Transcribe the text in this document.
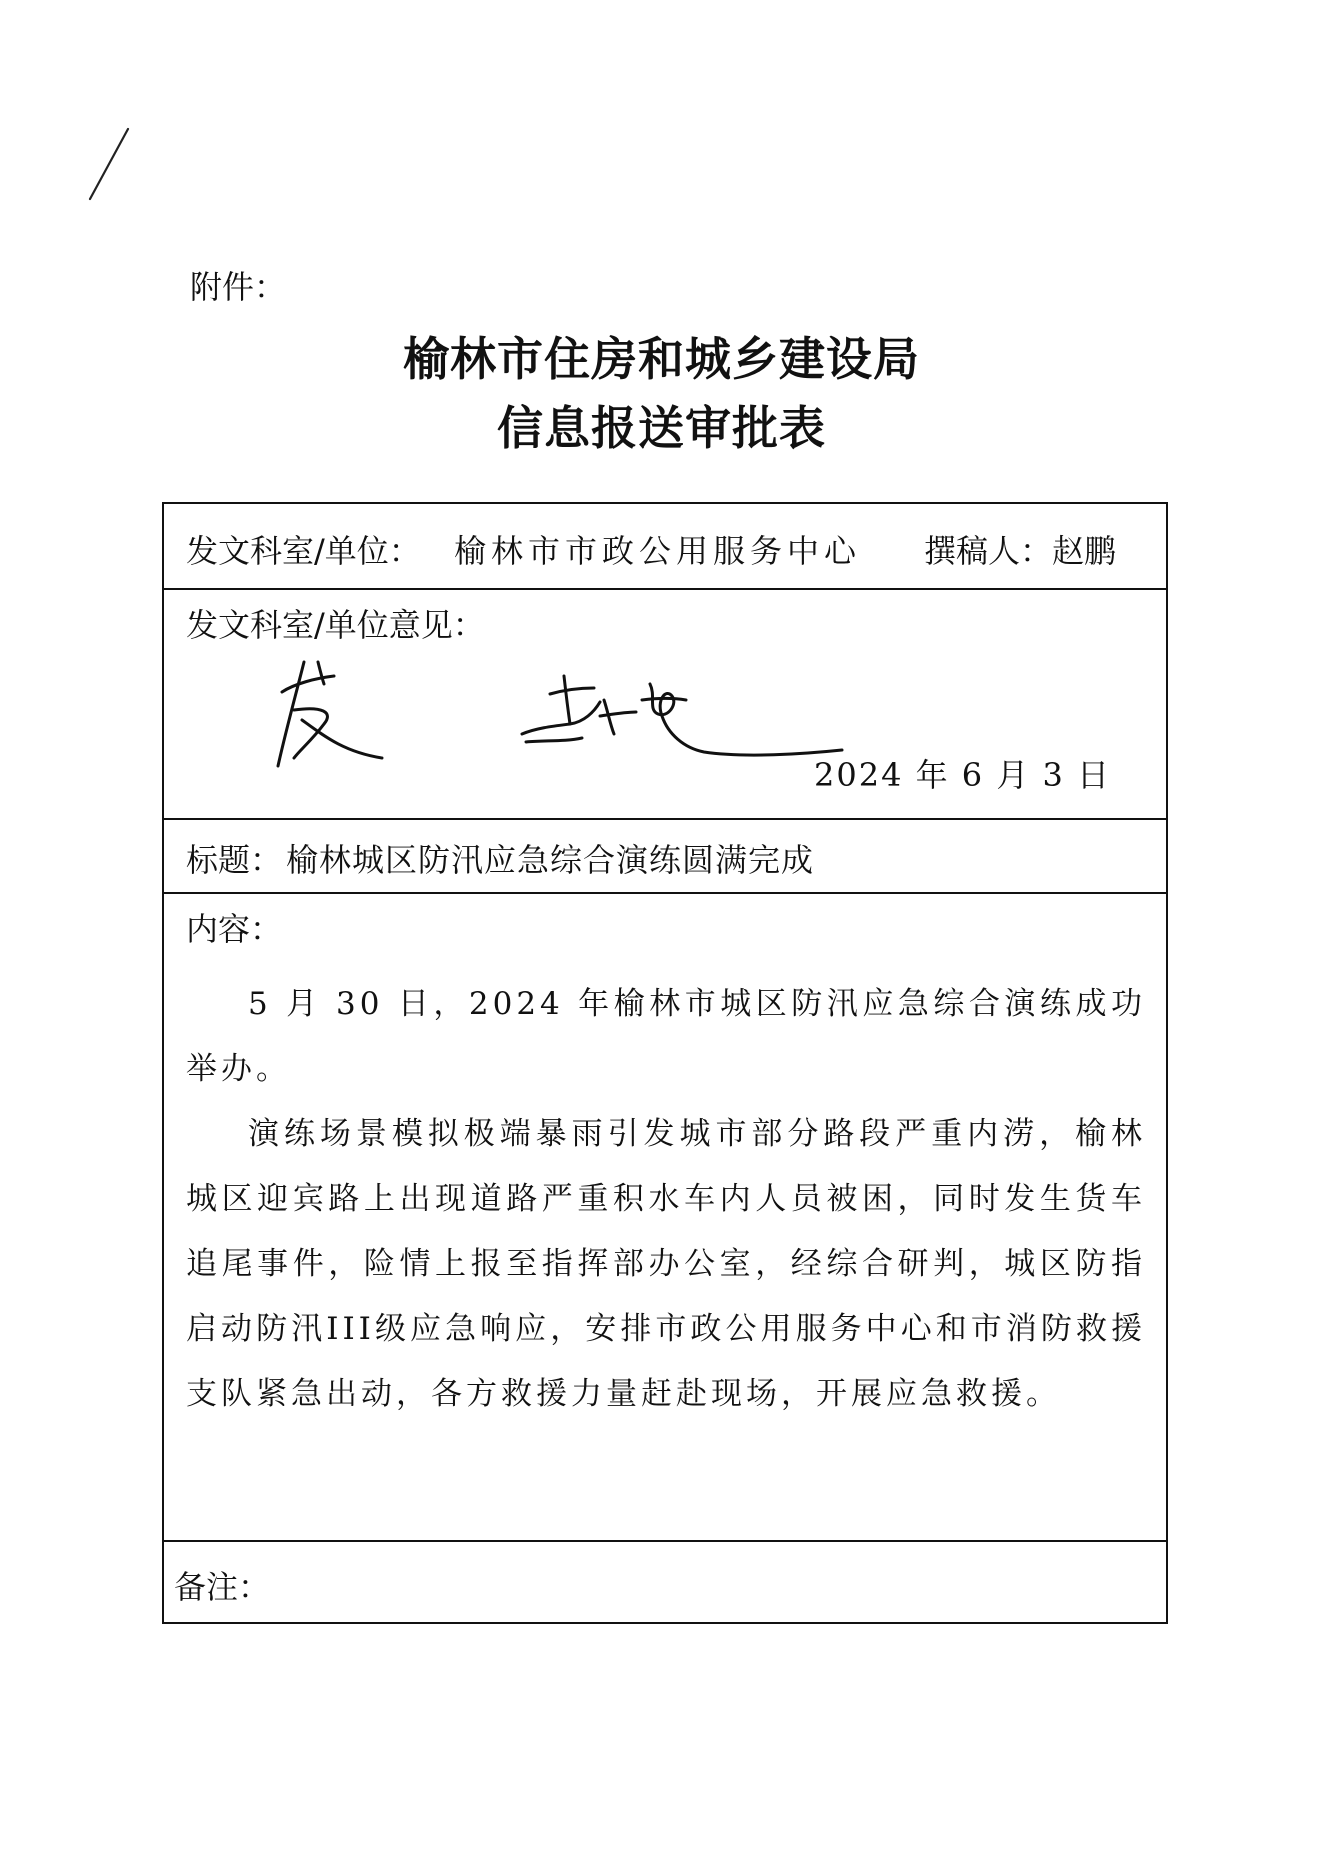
附件：
榆林市住房和城乡建设局
信息报送审批表
发文科室/单位： 榆林市市政公用服务中心 撰稿人：赵鹏
发文科室/单位意见：
2024 年 6 月 3 日
标题： 榆林城区防汛应急综合演练圆满完成
内容：

5 月 30 日，2024 年榆林市城区防汛应急综合演练成功举办。

演练场景模拟极端暴雨引发城市部分路段严重内涝，榆林城区迎宾路上出现道路严重积水车内人员被困，同时发生货车追尾事件，险情上报至指挥部办公室，经综合研判，城区防指启动防汛III级应急响应，安排市政公用服务中心和市消防救援支队紧急出动，各方救援力量赶赴现场，开展应急救援。

备注：
